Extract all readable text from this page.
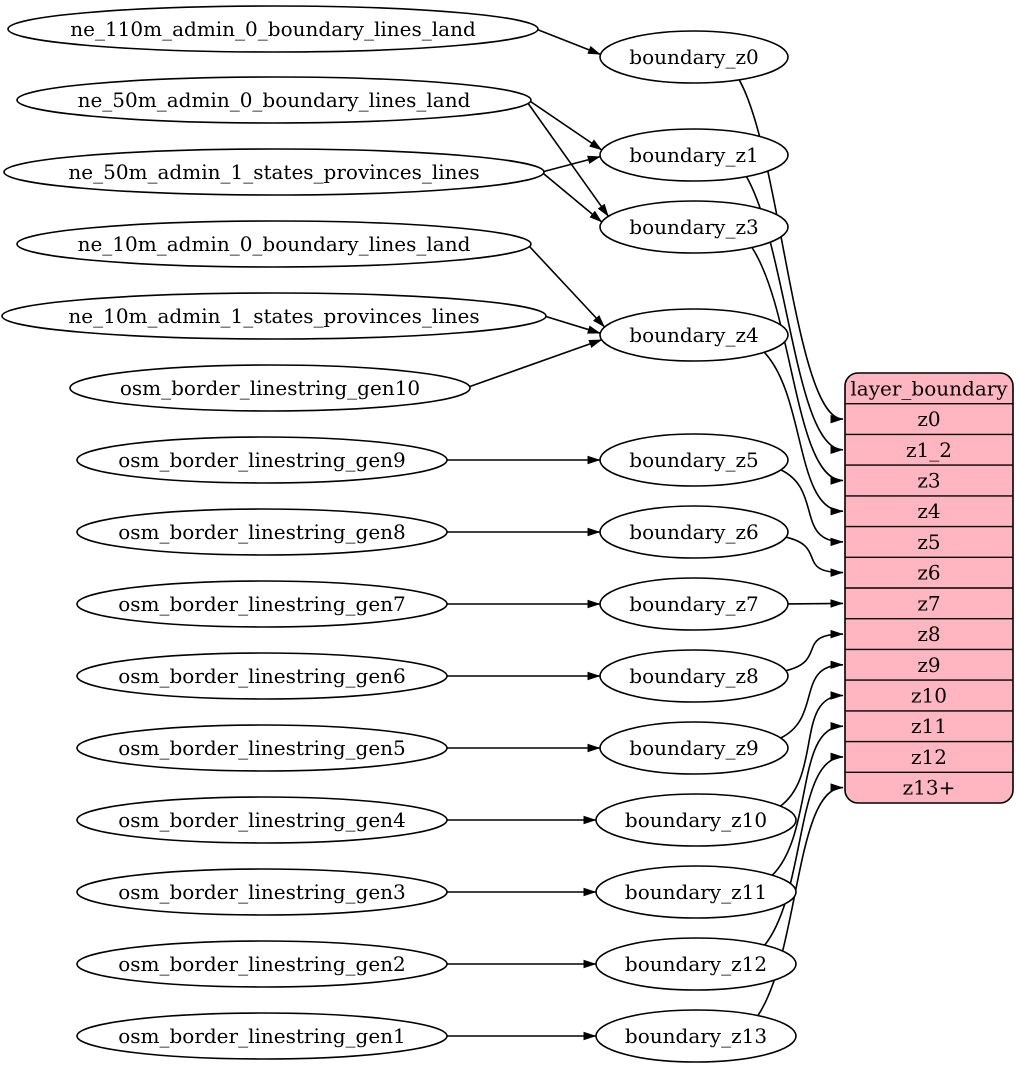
ne_110m_admin_0_boundary_lines_land
ne_50m_admin_0_boundary_lines_land
ne_50m_admin_1_states_provinces_lines
ne_10m_admin_0_boundary_lines_land
ne_10m_admin_1_states_provinces_lines
osm_border_linestring_gen10
osm_border_linestring_gen9
osm_border_linestring_gen8
osm_border_linestring_gen7
osm_border_linestring_gen6
osm_border_linestring_gen5
osm_border_linestring_gen4
osm_border_linestring_gen3
osm_border_linestring_gen2
osm_border_linestring_gen1
boundary_z0
boundary_z1
boundary_z3
boundary_z4
boundary_z5
boundary_z6
boundary_z7
boundary_z8
boundary_z9
boundary_z10
boundary_z11
boundary_z12
boundary_z13
layer_boundary
z0
z1_2
z3
z4
z5
z6
z7
z8
z9
z10
z11
z12
z13+
